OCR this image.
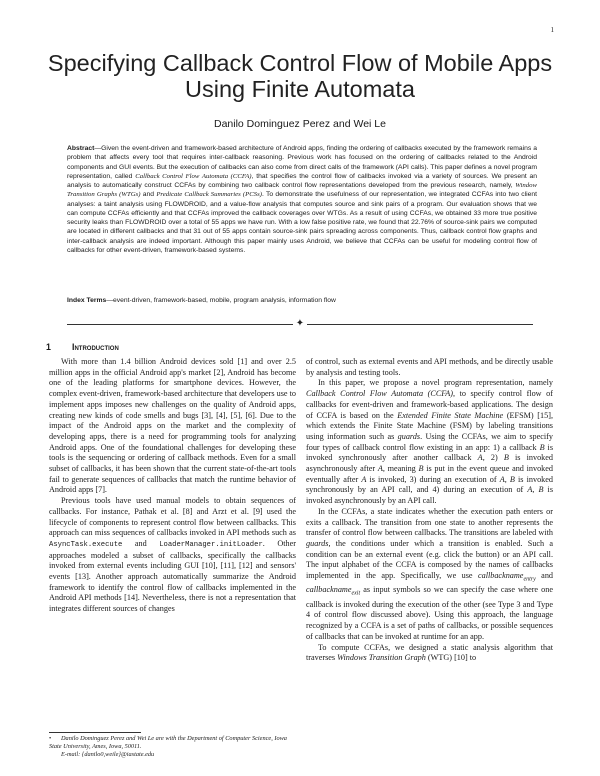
1
Specifying Callback Control Flow of Mobile Apps
Using Finite Automata
Danilo Dominguez Perez and Wei Le
Abstract—Given the event-driven and framework-based architecture of Android apps, finding the ordering of callbacks executed by the framework remains a problem that affects every tool that requires inter-callback reasoning. Previous work has focused on the ordering of callbacks related to the Android components and GUI events. But the execution of callbacks can also come from direct calls of the framework (API calls). This paper defines a novel program representation, called Callback Control Flow Automata (CCFA), that specifies the control flow of callbacks invoked via a variety of sources. We present an analysis to automatically construct CCFAs by combining two callback control flow representations developed from the previous research, namely, Window Transition Graphs (WTGs) and Predicate Callback Summaries (PCSs). To demonstrate the usefulness of our representation, we integrated CCFAs into two client analyses: a taint analysis using FLOWDROID, and a value-flow analysis that computes source and sink pairs of a program. Our evaluation shows that we can compute CCFAs efficiently and that CCFAs improved the callback coverages over WTGs. As a result of using CCFAs, we obtained 33 more true positive security leaks than FLOWDROID over a total of 55 apps we have run. With a low false positive rate, we found that 22.76% of source-sink pairs we computed are located in different callbacks and that 31 out of 55 apps contain source-sink pairs spreading across components. Thus, callback control flow graphs and inter-callback analysis are indeed important. Although this paper mainly uses Android, we believe that CCFAs can be useful for modeling control flow of callbacks for other event-driven, framework-based systems.
Index Terms—event-driven, framework-based, mobile, program analysis, information flow
✦
1 Introduction

With more than 1.4 billion Android devices sold [1] and over 2.5 million apps in the official Android app's market [2], Android has become one of the leading platforms for smartphone devices. However, the complex event-driven, framework-based architecture that developers use to implement apps imposes new challenges on the quality of Android apps, creating new kinds of code smells and bugs [3], [4], [5], [6]. Due to the impact of the Android apps on the market and the complexity of developing apps, there is a need for programming tools for analyzing Android apps. One of the foundational challenges for developing these tools is the sequencing or ordering of callback methods. Even for a small subset of callbacks, it has been shown that the current state-of-the-art tools fail to generate sequences of callbacks that match the runtime behavior of Android apps [7].

Previous tools have used manual models to obtain sequences of callbacks. For instance, Pathak et al. [8] and Arzt et al. [9] used the lifecycle of components to represent control flow between callbacks. This approach can miss sequences of callbacks invoked in API methods such as AsyncTask.execute and LoaderManager.initLoader. Other approaches modeled a subset of callbacks, specifically the callbacks invoked from external events including GUI [10], [11], [12] and sensors' events [13]. Another approach automatically summarize the Android framework to identify the control flow of callbacks implemented in the Android API methods [14]. Nevertheless, there is not a representation that integrates different sources of changes

of control, such as external events and API methods, and be directly usable by analysis and testing tools.

In this paper, we propose a novel program representation, namely Callback Control Flow Automata (CCFA), to specify control flow of callbacks for event-driven and framework-based applications. The design of CCFA is based on the Extended Finite State Machine (EFSM) [15], which extends the Finite State Machine (FSM) by labeling transitions using information such as guards. Using the CCFAs, we aim to specify four types of callback control flow existing in an app: 1) a callback B is invoked synchronously after another callback A, 2) B is invoked asynchronously after A, meaning B is put in the event queue and invoked eventually after A is invoked, 3) during an execution of A, B is invoked synchronously by an API call, and 4) during an execution of A, B is invoked asynchronously by an API call.

In the CCFAs, a state indicates whether the execution path enters or exits a callback. The transition from one state to another represents the transfer of control flow between callbacks. The transitions are labeled with guards, the conditions under which a transition is enabled. Such a condition can be an external event (e.g. click the button) or an API call. The input alphabet of the CCFA is composed by the names of callbacks implemented in the app. Specifically, we use callbackname$_{entry}$ and callbackname$_{exit}$ as input symbols so we can specify the case where one callback is invoked during the execution of the other (see Type 3 and Type 4 of control flow discussed above). Using this approach, the language recognized by a CCFA is a set of paths of callbacks, or possible sequences of callbacks that can be invoked at runtime for an app.

To compute CCFAs, we designed a static analysis algorithm that traverses Windows Transition Graph (WTG) [10] to

• Danilo Dominguez Perez and Wei Le are with the Department of Computer Science, Iowa State University, Ames, Iowa, 50011.
E-mail: {danilo0,weile}@iastate.edu
